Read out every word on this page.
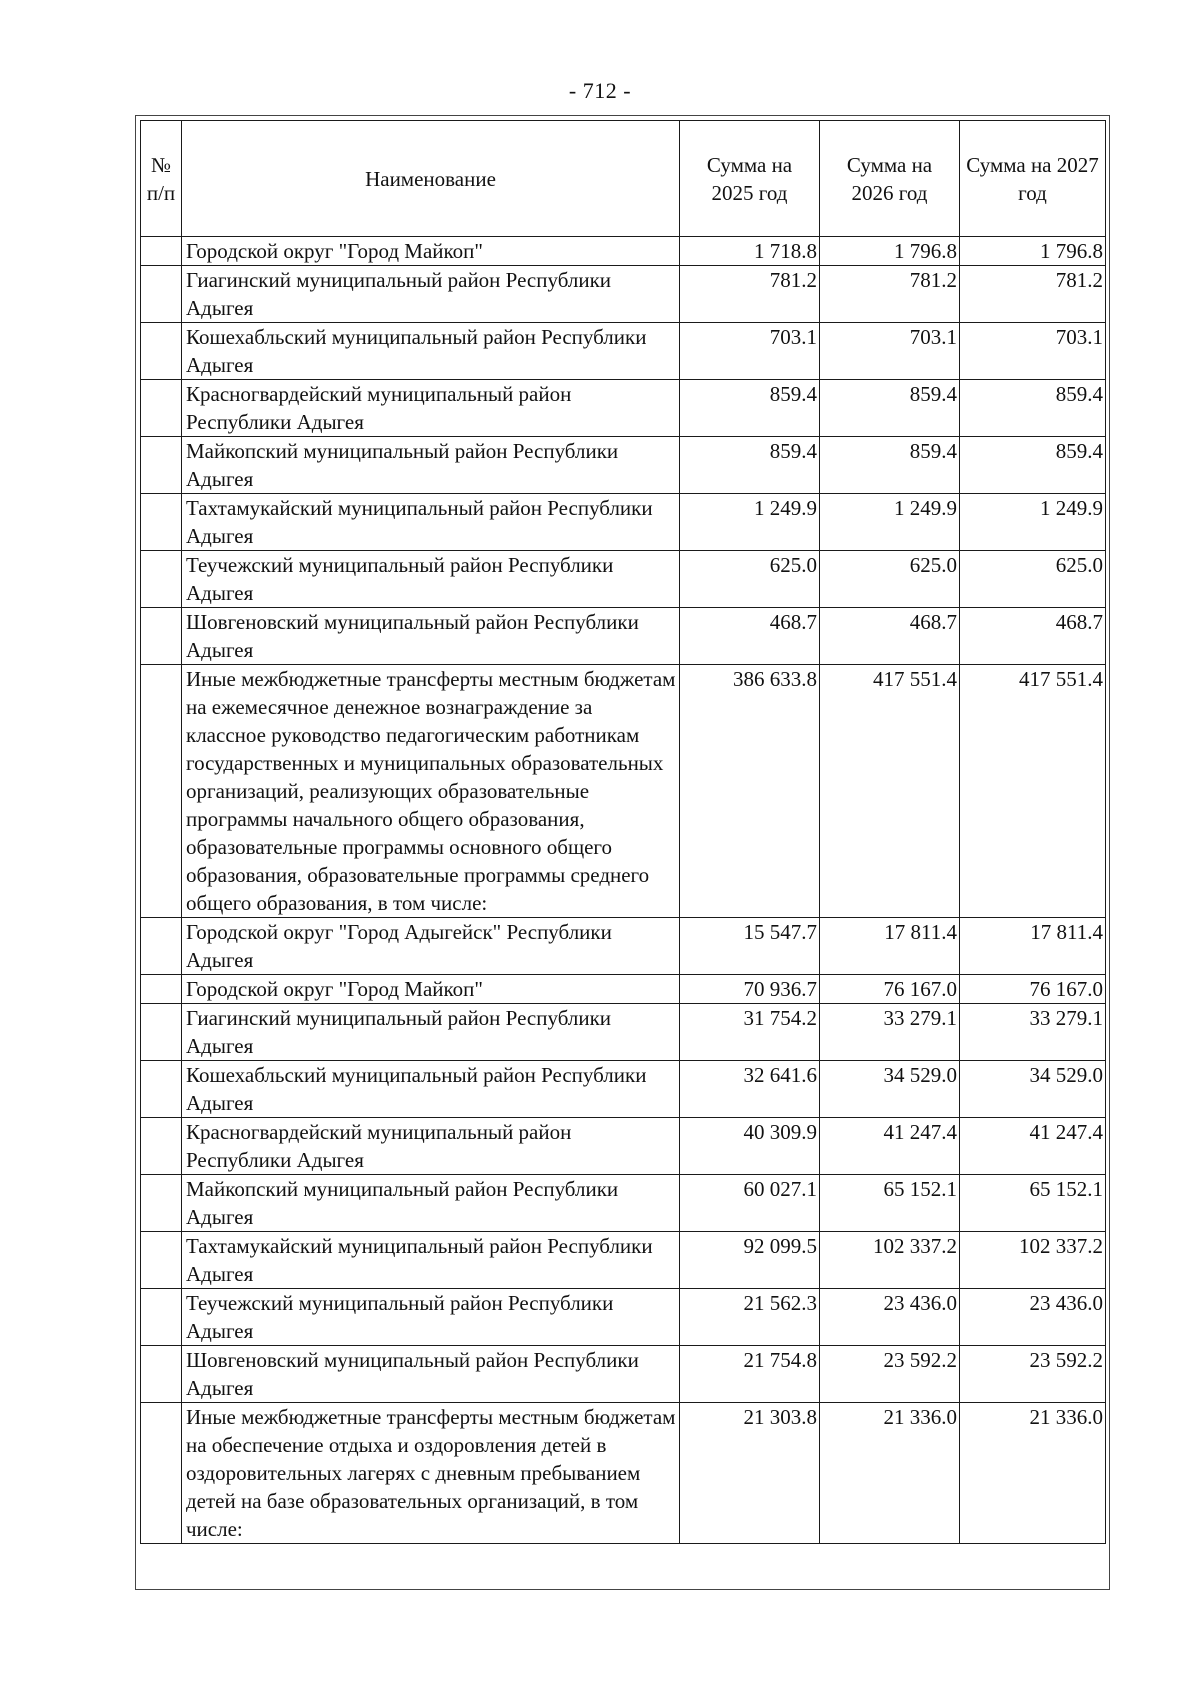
- 712 -
№ п/п	Наименование	Сумма на 2025 год	Сумма на 2026 год	Сумма на 2027 год
	Городской округ "Город Майкоп"	1 718.8	1 796.8	1 796.8
	Гиагинский муниципальный район Республики Адыгея	781.2	781.2	781.2
	Кошехабльский муниципальный район Республики Адыгея	703.1	703.1	703.1
	Красногвардейский муниципальный район Республики Адыгея	859.4	859.4	859.4
	Майкопский муниципальный район Республики Адыгея	859.4	859.4	859.4
	Тахтамукайский муниципальный район Республики Адыгея	1 249.9	1 249.9	1 249.9
	Теучежский муниципальный район Республики Адыгея	625.0	625.0	625.0
	Шовгеновский муниципальный район Республики Адыгея	468.7	468.7	468.7
	Иные межбюджетные трансферты местным бюджетам на ежемесячное денежное вознаграждение за классное руководство педагогическим работникам государственных и муниципальных образовательных организаций, реализующих образовательные программы начального общего образования, образовательные программы основного общего образования, образовательные программы среднего общего образования, в том числе:	386 633.8	417 551.4	417 551.4
	Городской округ "Город Адыгейск" Республики Адыгея	15 547.7	17 811.4	17 811.4
	Городской округ "Город Майкоп"	70 936.7	76 167.0	76 167.0
	Гиагинский муниципальный район Республики Адыгея	31 754.2	33 279.1	33 279.1
	Кошехабльский муниципальный район Республики Адыгея	32 641.6	34 529.0	34 529.0
	Красногвардейский муниципальный район Республики Адыгея	40 309.9	41 247.4	41 247.4
	Майкопский муниципальный район Республики Адыгея	60 027.1	65 152.1	65 152.1
	Тахтамукайский муниципальный район Республики Адыгея	92 099.5	102 337.2	102 337.2
	Теучежский муниципальный район Республики Адыгея	21 562.3	23 436.0	23 436.0
	Шовгеновский муниципальный район Республики Адыгея	21 754.8	23 592.2	23 592.2
	Иные межбюджетные трансферты местным бюджетам на обеспечение отдыха и оздоровления детей в оздоровительных лагерях с дневным пребыванием детей на базе образовательных организаций, в том числе:	21 303.8	21 336.0	21 336.0
